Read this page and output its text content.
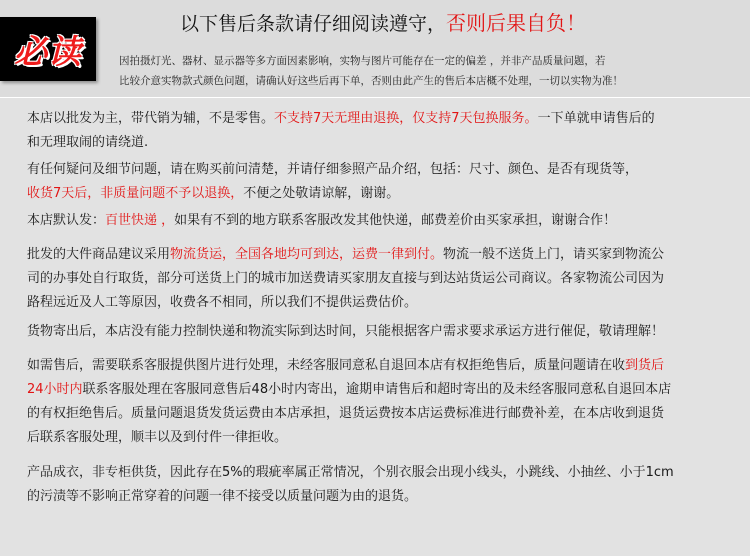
必读
以下售后条款请仔细阅读遵守，否则后果自负！
因拍摄灯光、器材、显示器等多方面因素影响，实物与图片可能存在一定的偏差 ，并非产品质量问题，若
比较介意实物款式颜色问题，请确认好这些后再下单，否则由此产生的售后本店概不处理，一切以实物为准！
本店以批发为主，带代销为辅，不是零售。不支持7天无理由退换，仅支持7天包换服务。一下单就申请售后的
和无理取闹的请绕道.
有任何疑问及细节问题，请在购买前问清楚，并请仔细参照产品介绍，包括：尺寸、颜色、是否有现货等，
收货7天后，非质量问题不予以退换，不便之处敬请谅解，谢谢。
本店默认发：百世快递 ，如果有不到的地方联系客服改发其他快递，邮费差价由买家承担，谢谢合作！
批发的大件商品建议采用物流货运，全国各地均可到达，运费一律到付。物流一般不送货上门，请买家到物流公
司的办事处自行取货，部分可送货上门的城市加送费请买家朋友直接与到达站货运公司商议。各家物流公司因为
路程远近及人工等原因，收费各不相同，所以我们不提供运费估价。
货物寄出后，本店没有能力控制快递和物流实际到达时间，只能根据客户需求要求承运方进行催促，敬请理解！
如需售后，需要联系客服提供图片进行处理，未经客服同意私自退回本店有权拒绝售后，质量问题请在收到货后
24小时内联系客服处理在客服同意售后48小时内寄出，逾期申请售后和超时寄出的及未经客服同意私自退回本店
的有权拒绝售后。质量问题退货发货运费由本店承担，退货运费按本店运费标准进行邮费补差，在本店收到退货
后联系客服处理，顺丰以及到付件一律拒收。
产品成衣，非专柜供货，因此存在5%的瑕疵率属正常情况，个别衣服会出现小线头，小跳线、小抽丝、小于1cm
的污渍等不影响正常穿着的问题一律不接受以质量问题为由的退货。
